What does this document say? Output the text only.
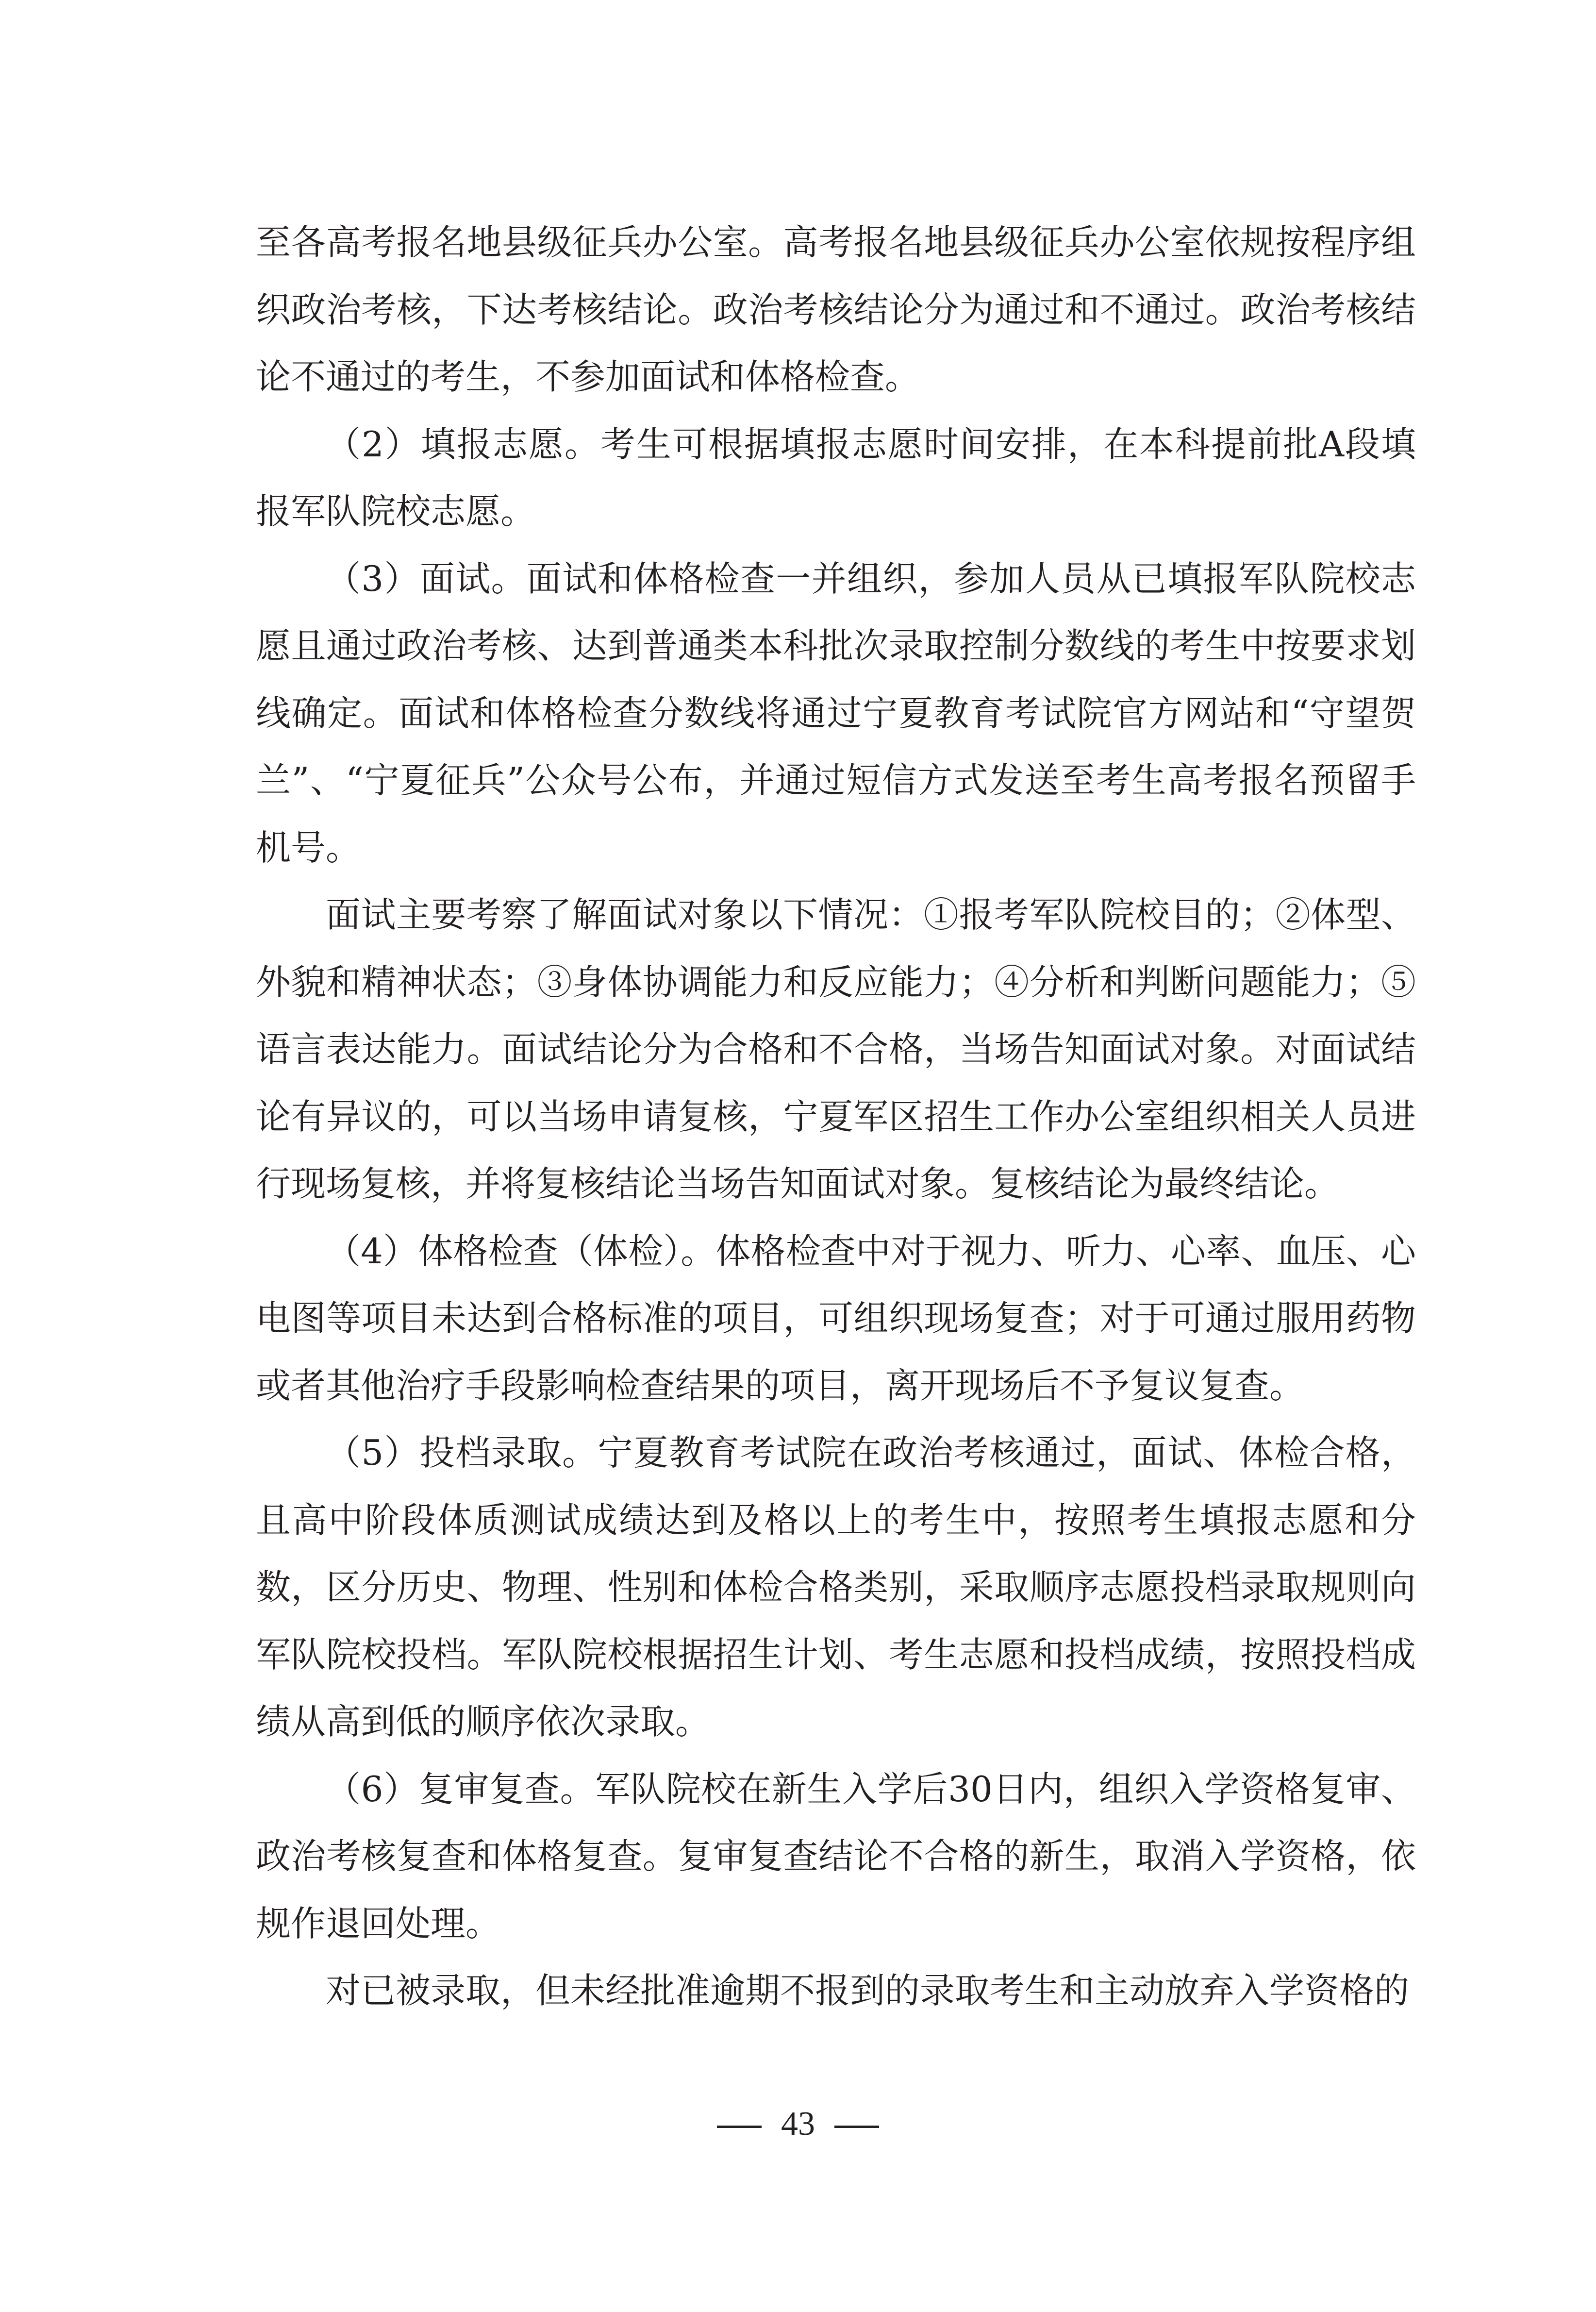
至各高考报名地县级征兵办公室。高考报名地县级征兵办公室依规按程序组织政治考核，下达考核结论。政治考核结论分为通过和不通过。政治考核结论不通过的考生，不参加面试和体格检查。

（2）填报志愿。考生可根据填报志愿时间安排，在本科提前批A段填报军队院校志愿。

（3）面试。面试和体格检查一并组织，参加人员从已填报军队院校志愿且通过政治考核、达到普通类本科批次录取控制分数线的考生中按要求划线确定。面试和体格检查分数线将通过宁夏教育考试院官方网站和“守望贺兰”、“宁夏征兵”公众号公布，并通过短信方式发送至考生高考报名预留手机号。

面试主要考察了解面试对象以下情况：①报考军队院校目的；②体型、外貌和精神状态；③身体协调能力和反应能力；④分析和判断问题能力；⑤语言表达能力。面试结论分为合格和不合格，当场告知面试对象。对面试结论有异议的，可以当场申请复核，宁夏军区招生工作办公室组织相关人员进行现场复核，并将复核结论当场告知面试对象。复核结论为最终结论。

（4）体格检查（体检）。体格检查中对于视力、听力、心率、血压、心电图等项目未达到合格标准的项目，可组织现场复查；对于可通过服用药物或者其他治疗手段影响检查结果的项目，离开现场后不予复议复查。

（5）投档录取。宁夏教育考试院在政治考核通过，面试、体检合格，且高中阶段体质测试成绩达到及格以上的考生中，按照考生填报志愿和分数，区分历史、物理、性别和体检合格类别，采取顺序志愿投档录取规则向军队院校投档。军队院校根据招生计划、考生志愿和投档成绩，按照投档成绩从高到低的顺序依次录取。

（6）复审复查。军队院校在新生入学后30日内，组织入学资格复审、政治考核复查和体格复查。复审复查结论不合格的新生，取消入学资格，依规作退回处理。

对已被录取，但未经批准逾期不报到的录取考生和主动放弃入学资格的

43
